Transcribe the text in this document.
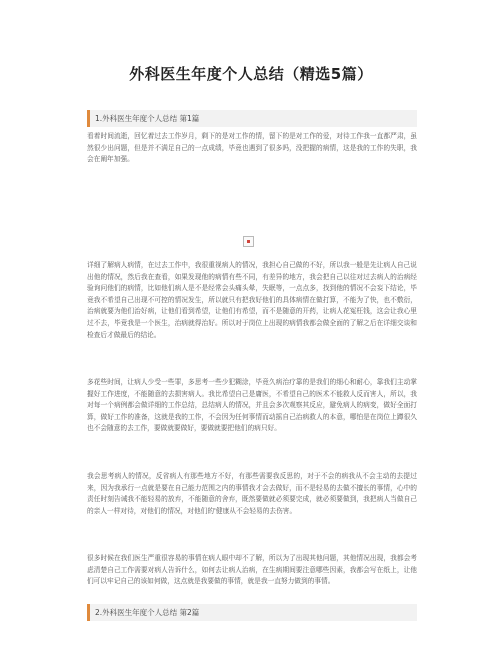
外科医生年度个人总结（精选5篇）
1.外科医生年度个人总结 第1篇

看着时间流逝，回忆着过去工作岁月，剩下的是对工作的情，留下的是对工作的爱，对待工作我一直都严肃，虽然很少出问题，但是并不满足自己的一点成绩，毕竟也遇到了很多吗，没把握的病情，这是我的工作的失职，我会在阐年加强。

详细了解病人病情，在过去工作中，我很重视病人的情况，我担心自己做的不好，所以我一般是先让病人自己说出他的情况，然后我在查看，如果发现他的病情有些不同，有差异的地方，我会把自己以往对过去病人的治病经验询问他们的病情，比如他们病人是不是经常会头痛头晕，失眠等，一点点多，找到他的情况不会妄下结论，毕竟我不希望自己出现不可控的情况发生，所以就只有把我好他们的具体病情在做打算，不能为了快，也不敷衍，治病就要为他们治好病，让他们看到希望，让他们有希望，而不是随意的开药，让病人花冤枉钱，这会让我心里过不去，毕竟我是一个医生，治病就得治好。所以对于岗位上出现的病情我都会做全面的了解之后在详细交谈和检查后才做最后的结论。

多花些时间，让病人少受一些罪，多思考一些少犯糊涂，毕竟久病治疗靠的是我们的细心和耐心，靠我们主动掌握好工作进度，不能随意的去损害病人。我比希望自己是庸医，不希望自己的医术不能救人反而害人，所以，我对每一个病例都会做详细的工作总结，总结病人的情况，并且会多次观察其反应，避免病人的病变，做好全面打算，做好工作的准备，这就是我的工作，不会因为任何事情而动摇自己治病救人的本意，哪怕是在岗位上蹲很久也不会随意的去工作，要做就要做好，要做就要把他们的病只好。

我会思考病人的情况，反省病人有那些地方不好，有那些需要我反思的，对于不会的病我从不会主动的去提过来，因为我承行一点就是要在自己能力范围之内的事情我才会去做好，而不是轻易的去做不擅长的事情，心中的责任时刻告诫我不能轻易的放弃，不能随意的舍弃，既然要做就必须要完成，就必须要做到，我把病人当做自己的亲人一样对待，对他们的情况，对他们的'健康从不会轻易的去伤害。

很多时候在我们医生严重很容易的事情在病人眼中却不了解，所以为了出现其他问题，其他情况出现，我都会考虑清楚自己工作需要对病人告诉什么，如何去让病人治病，在生病期间要注意哪些因素，我都会写在纸上，让他们可以牢记自己的该如何做，这点就是我要做的事情，就是我一直努力做到的事情。

2.外科医生年度个人总结 第2篇
